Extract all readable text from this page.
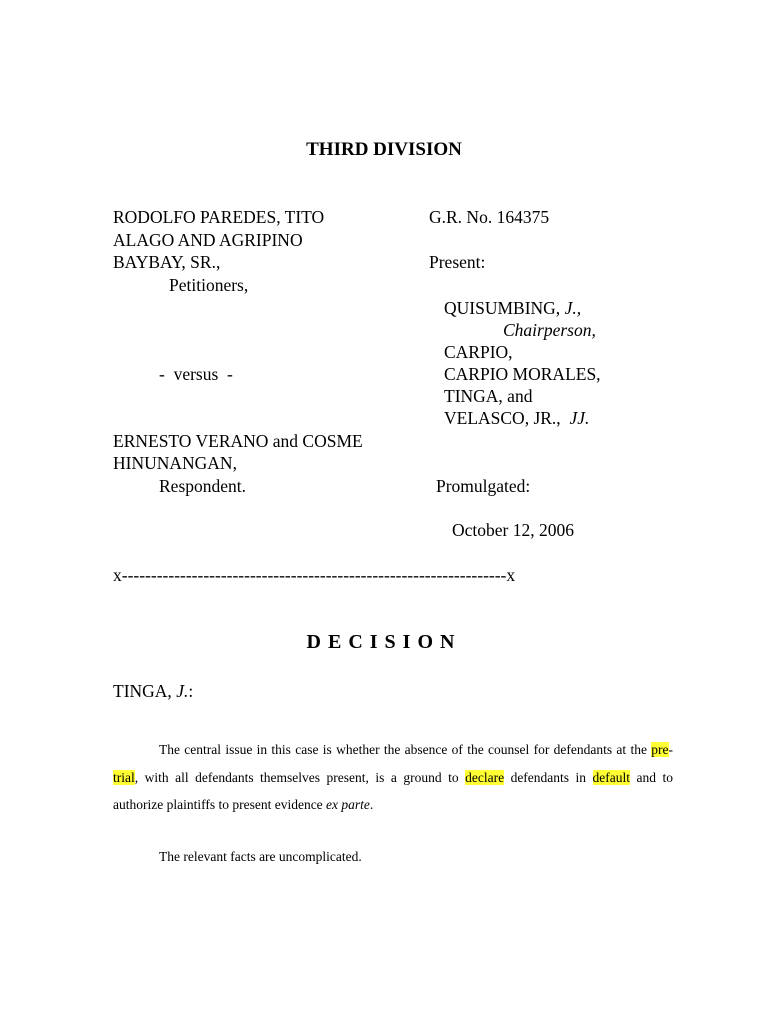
THIRD DIVISION
RODOLFO PAREDES, TITO
ALAGO AND AGRIPINO
BAYBAY, SR.,
Petitioners,
-  versus  -
ERNESTO VERANO and COSME
HINUNANGAN,
Respondent.
G.R. No. 164375
Present:
QUISUMBING, J.,
Chairperson,
CARPIO,
CARPIO MORALES,
TINGA, and
VELASCO, JR.,  JJ.
Promulgated:
October 12, 2006
x------------------------------------------------------------------x
DECISION
TINGA, J.:

The central issue in this case is whether the absence of the counsel for defendants at the pre-trial, with all defendants themselves present, is a ground to declare defendants in default and to authorize plaintiffs to present evidence ex parte.

The relevant facts are uncomplicated.
